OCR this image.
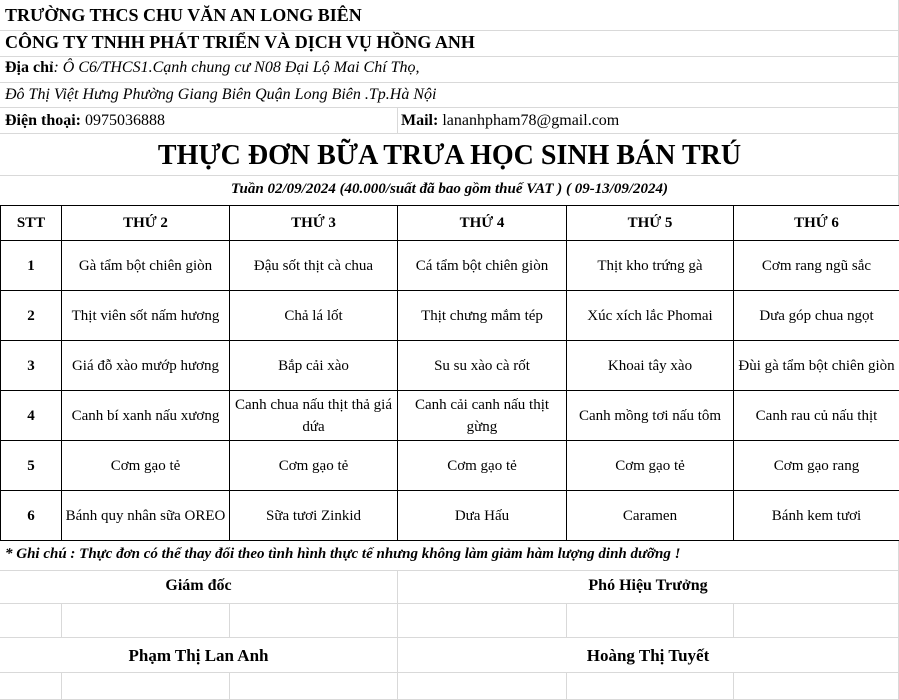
TRƯỜNG THCS CHU VĂN AN LONG BIÊN
CÔNG TY TNHH PHÁT TRIỂN VÀ DỊCH VỤ HỒNG ANH
Địa chỉ: Ô C6/THCS1.Cạnh chung cư N08 Đại Lộ Mai Chí Thọ,
Đô Thị Việt Hưng Phường Giang Biên Quận Long Biên .Tp.Hà Nội
Điện thoại: 0975036888	Mail: lananhpham78@gmail.com
THỰC ĐƠN BỮA TRƯA HỌC SINH BÁN TRÚ
Tuần 02/09/2024 (40.000/suất đã bao gồm thuế VAT ) ( 09-13/09/2024)
STT	THỨ 2	THỨ 3	THỨ 4	THỨ 5	THỨ 6
1	Gà tẩm bột chiên giòn	Đậu sốt thịt cà chua	Cá tẩm bột chiên giòn	Thịt kho trứng gà	Cơm rang ngũ sắc
2	Thịt viên sốt nấm hương	Chả lá lốt	Thịt chưng mắm tép	Xúc xích lắc Phomai	Dưa góp chua ngọt
3	Giá đỗ xào mướp hương	Bắp cải xào	Su su xào cà rốt	Khoai tây xào	Đùi gà tẩm bột chiên giòn
4	Canh bí xanh nấu xương	Canh chua nấu thịt thả giá dứa	Canh cải canh nấu thịt gừng	Canh mồng tơi nấu tôm	Canh rau củ nấu thịt
5	Cơm gạo tẻ	Cơm gạo tẻ	Cơm gạo tẻ	Cơm gạo tẻ	Cơm gạo rang
6	Bánh quy nhân sữa OREO	Sữa tươi Zinkid	Dưa Hấu	Caramen	Bánh kem tươi
* Ghi chú : Thực đơn có thể thay đổi theo tình hình thực tế nhưng không làm giảm hàm lượng dinh dưỡng !
Giám đốc	Phó Hiệu Trưởng
Phạm Thị Lan Anh	Hoàng Thị Tuyết
